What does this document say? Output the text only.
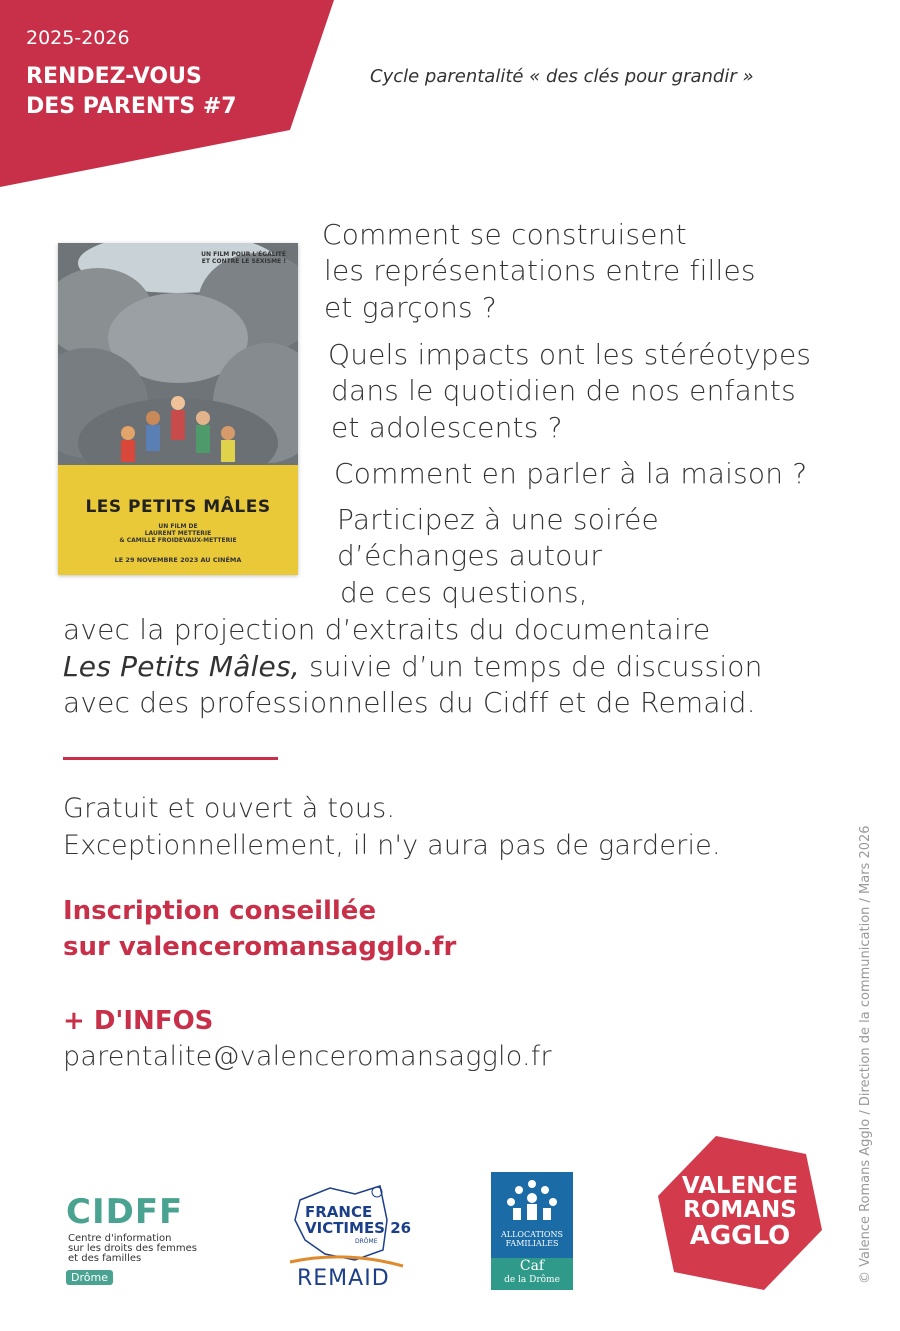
2025-2026
RENDEZ-VOUS
DES PARENTS #7
Cycle parentalité « des clés pour grandir »
UN FILM POUR L'ÉGALITÉ
ET CONTRE LE SEXISME !
LES PETITS MÂLES
UN FILM DE
LAURENT METTERIE
& CAMILLE FROIDEVAUX-METTERIE
LE 29 NOVEMBRE 2023 AU CINÉMA
Comment se construisent
les représentations entre filles
et garçons ?
Quels impacts ont les stéréotypes
dans le quotidien de nos enfants
et adolescents ?
Comment en parler à la maison ?
Participez à une soirée
d’échanges autour
de ces questions,
avec la projection d’extraits du documentaire
Les Petits Mâles, suivie d’un temps de discussion
avec des professionnelles du Cidff et de Remaid.
Gratuit et ouvert à tous.
Exceptionnellement, il n'y aura pas de garderie.
Inscription conseillée
sur valenceromansagglo.fr
+ D'INFOS
parentalite@valenceromansagglo.fr	© Valence Romans Agglo / Direction de la communication / Mars 2026
CIDFF
Centre d'information
sur les droits des femmes
et des familles
Drôme
FRANCE
VICTIMES 26
DRÔME
REMAID
ALLOCATIONS
FAMILIALES
Caf
de la Drôme
VALENCE
ROMANS
AGGLO
